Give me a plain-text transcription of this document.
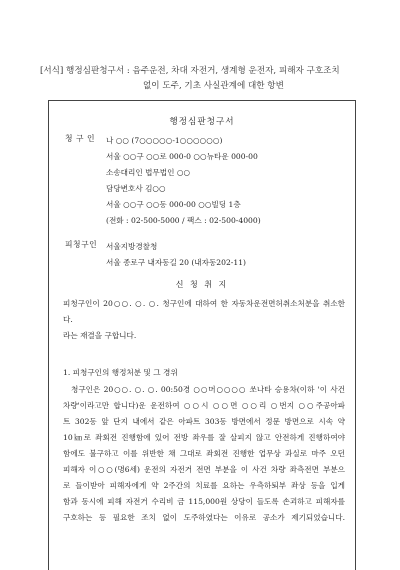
[서식] 행정심판청구서 : 음주운전, 차대 자전거, 생계형 운전자, 피해자 구호조치
없이 도주, 기초 사실관계에 대한 항변
행정심판청구서
청 구 인 나 ○○ (7○○○○○-1○○○○○○)
서울 ○○구 ○○로 000-0 ○○뉴타운 000-00
소송대리인 법무법인 ○○
담당변호사 김○○
서울 ○○구 ○○동 000-00 ○○빌딩 1층
(전화 : 02-500-5000 / 팩스 : 02-500-4000)
피청구인 서울지방경찰청
서울 종로구 내자동길 20 (내자동202-11)
신 청 취 지
피청구인이 20○○. ○. ○. 청구인에 대하여 한 자동차운전면허취소처분을 취소한
다.
라는 재결을 구합니다.
1. 피청구인의 행정처분 및 그 경위
청구인은 20○○. ○. ○. 00:50경 ○○머○○○○ 쏘나타 승용차(이하 '이 사건
차량'이라고만 합니다)운 운전하여 ○○시 ○○면 ○○리 ○번지 ○○주공아파
트 302동 앞 단지 내에서 같은 아파트 303동 방면에서 정문 방면으로 시속 약
10㎞로 좌회전 진행함에 있어 전방 좌우를 잘 살피지 않고 안전하게 진행하여야
함에도 불구하고 이를 위반한 채 그대로 좌회전 진행한 업무상 과실로 마주 오던
피해자 이○○(명6세) 운전의 자전거 전면 부분을 이 사건 차량 좌측전면 부분으
로 들이받아 피해자에게 약 2주간의 치료를 요하는 우측하퇴부 좌상 등을 입게
함과 동시에 피해 자전거 수리비 금 115,000원 상당이 들도록 손괴하고 피해자를
구호하는 등 필요한 조치 없이 도주하였다는 이유로 공소가 제기되었습니다.
